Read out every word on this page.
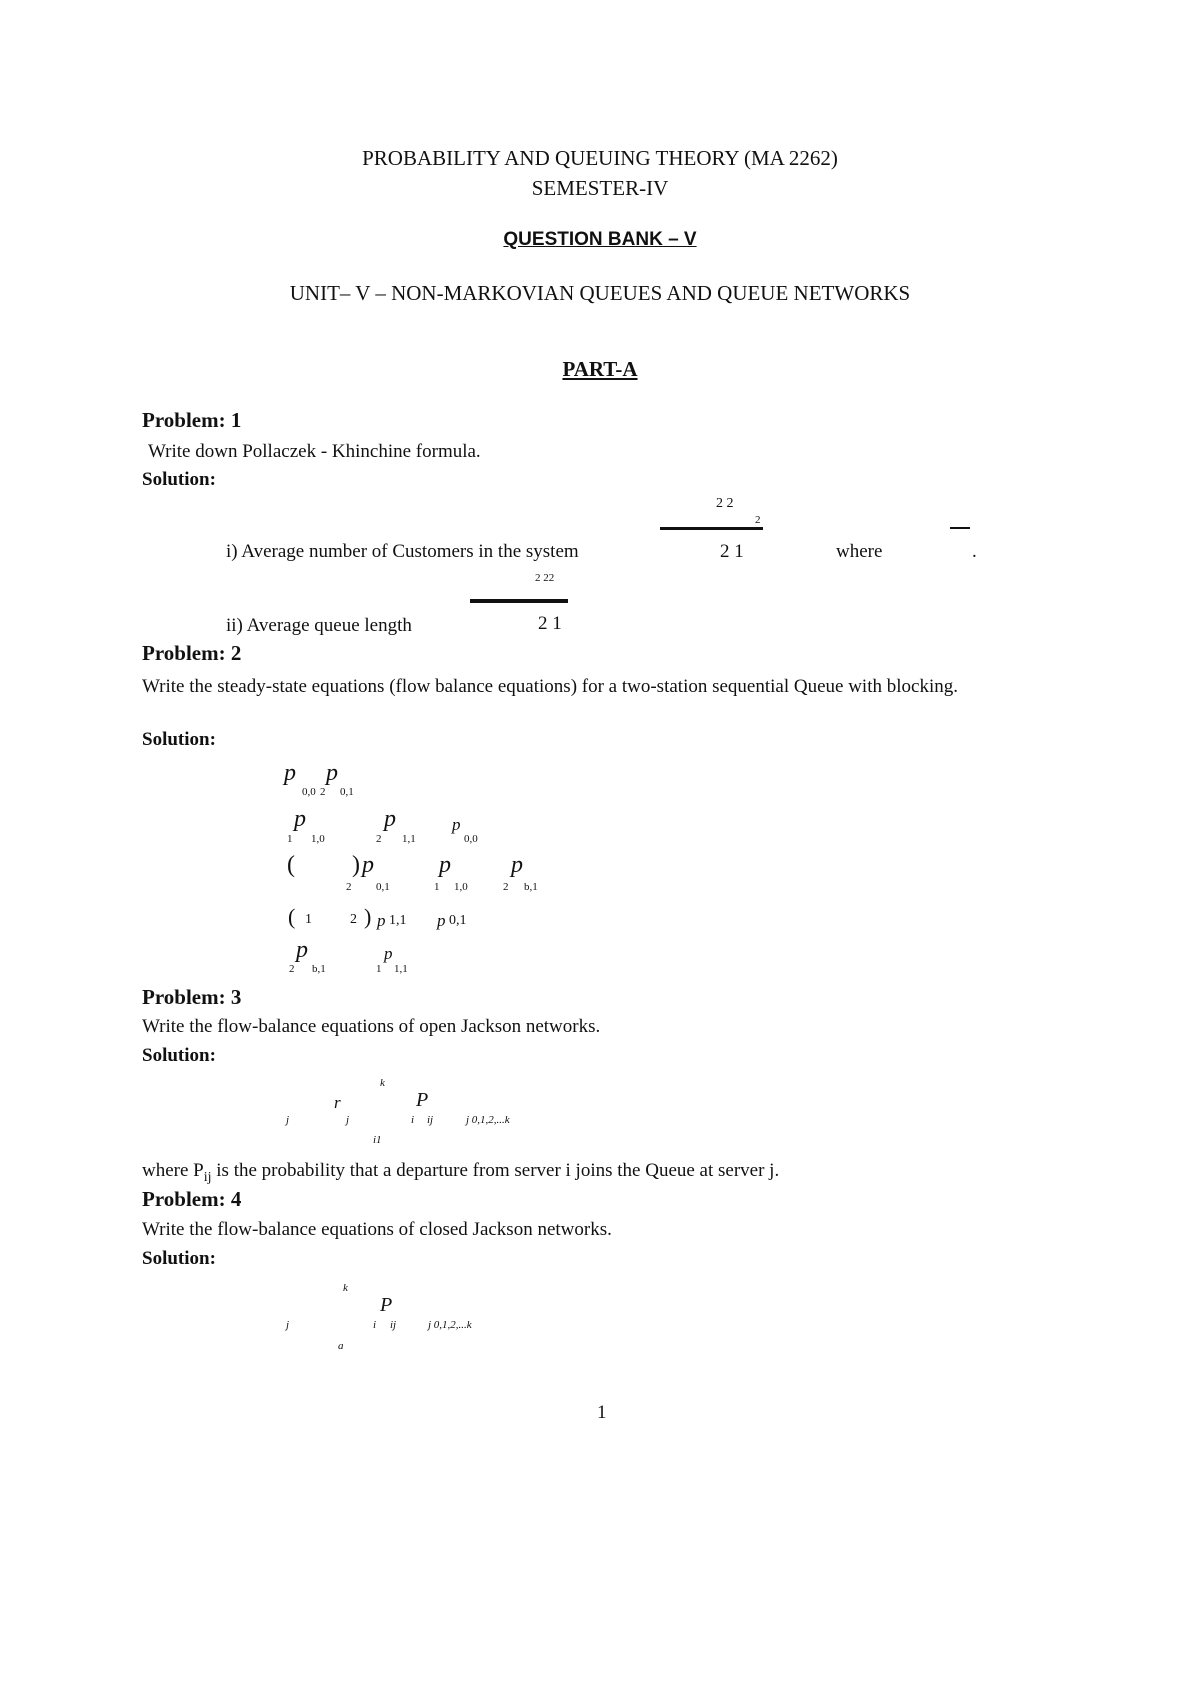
PROBABILITY AND QUEUING THEORY (MA 2262)
SEMESTER-IV
QUESTION BANK – V
UNIT– V – NON-MARKOVIAN QUEUES AND QUEUE NETWORKS
PART-A
Problem: 1
Write down Pollaczek - Khinchine formula.
Solution:
2 2
2
i) Average number of Customers in the system	2 1	where	.
2 22
ii) Average queue length	2 1
Problem: 2
Write the steady-state equations (flow balance equations) for a two-station sequential Queue with blocking.
Solution:
p
0,0 2
p
0,1
1
p
1,0	2
p
1,1
p
0,0
( )
2
p
0,1	1
p
1,0	2
p
b,1
( 1	2 ) p 1,1 p 0,1
2
p
b,1	1
p
1,1
Problem: 3
Write the flow-balance equations of open Jackson networks.
Solution:
k
r	P
j	j	i ij	j 0,1,2,...k
i1
where $P_{ij}$ is the probability that a departure from server i joins the Queue at server j.
Problem: 4
Write the flow-balance equations of closed Jackson networks.
Solution:
k
P
j	i ij	j 0,1,2,...k
a
1
